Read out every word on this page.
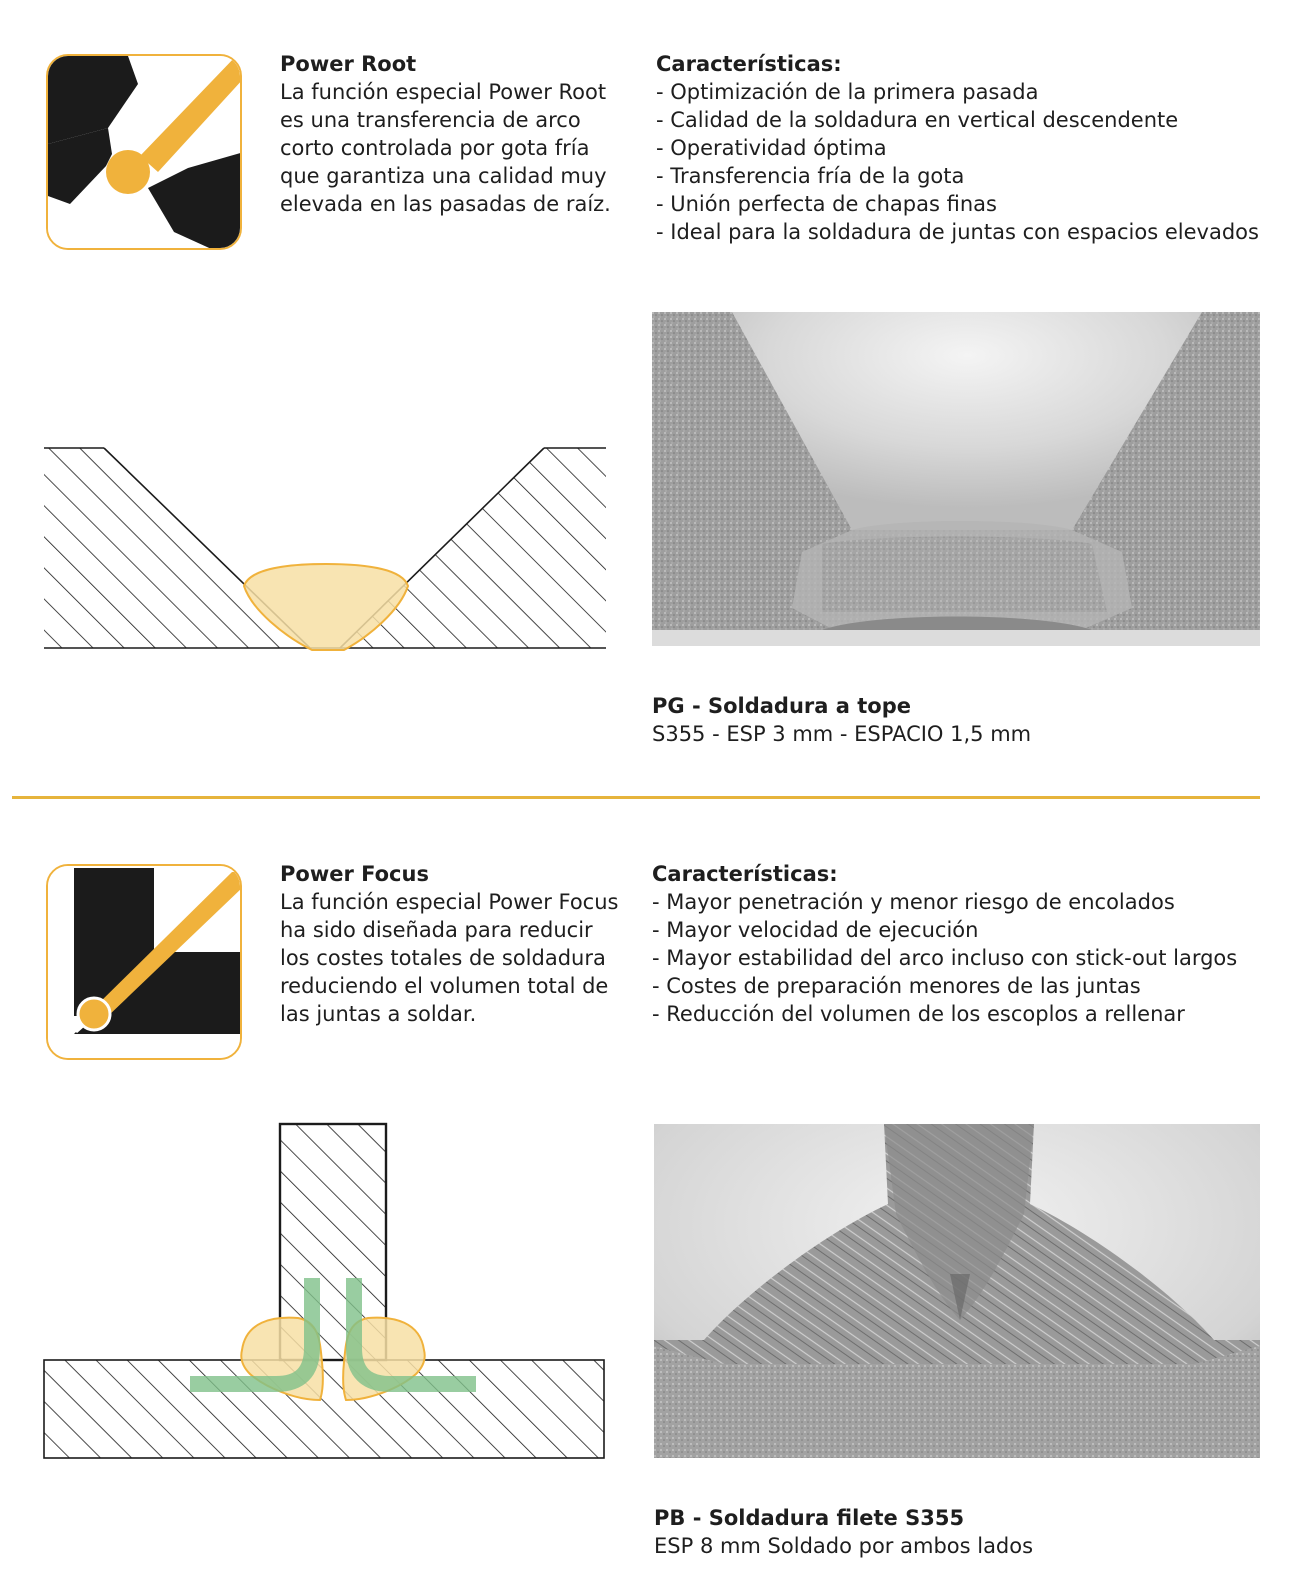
Power Root

La función especial Power Root es una transferencia de arco corto controlada por gota fría que garantiza una calidad muy elevada en las pasadas de raíz.

Características:

- Optimización de la primera pasada
- Calidad de la soldadura en vertical descendente
- Operatividad óptima
- Transferencia fría de la gota
- Unión perfecta de chapas finas
- Ideal para la soldadura de juntas con espacios elevados

PG - Soldadura a tope

S355 - ESP 3 mm - ESPACIO 1,5 mm

Power Focus

La función especial Power Focus ha sido diseñada para reducir los costes totales de soldadura reduciendo el volumen total de las juntas a soldar.

Características:

- Mayor penetración y menor riesgo de encolados
- Mayor velocidad de ejecución
- Mayor estabilidad del arco incluso con stick-out largos
- Costes de preparación menores de las juntas
- Reducción del volumen de los escoplos a rellenar

PB - Soldadura filete S355

ESP 8 mm Soldado por ambos lados
